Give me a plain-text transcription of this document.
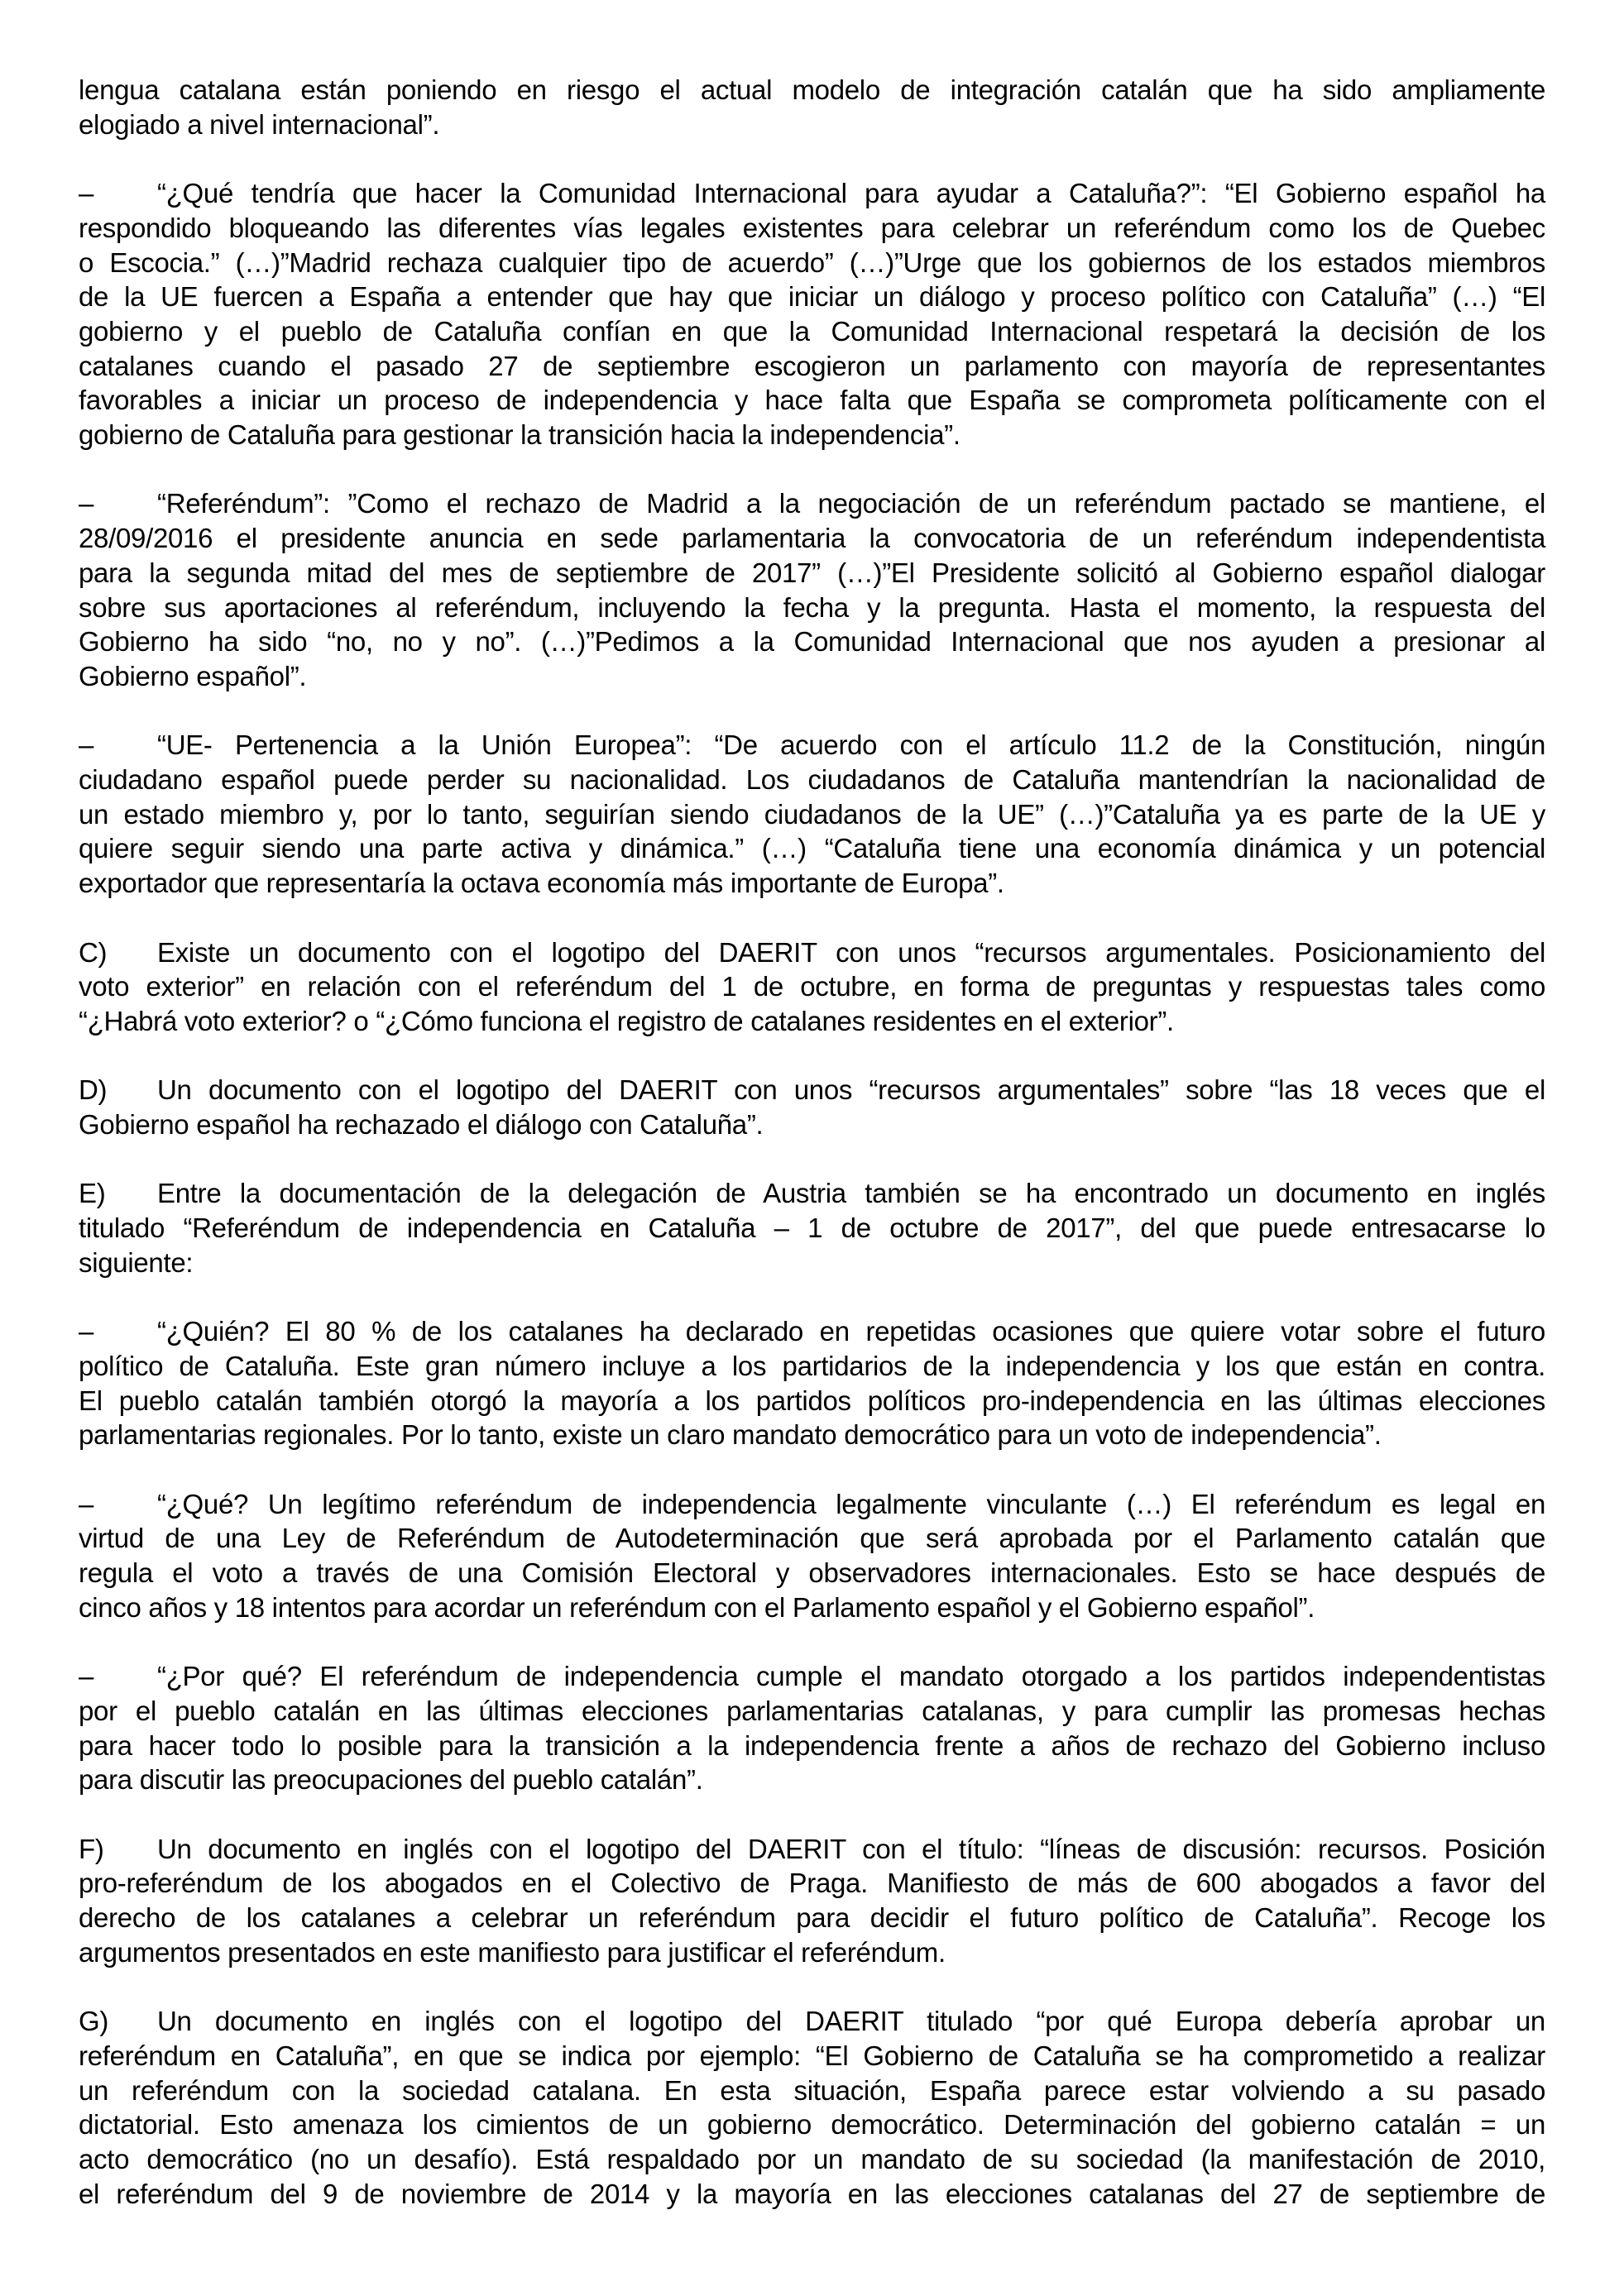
lengua catalana están poniendo en riesgo el actual modelo de integración catalán que ha sido ampliamente
elogiado a nivel internacional”.
– “¿Qué tendría que hacer la Comunidad Internacional para ayudar a Cataluña?”: “El Gobierno español ha
respondido bloqueando las diferentes vías legales existentes para celebrar un referéndum como los de Quebec
o Escocia.” (…)”Madrid rechaza cualquier tipo de acuerdo” (…)”Urge que los gobiernos de los estados miembros
de la UE fuercen a España a entender que hay que iniciar un diálogo y proceso político con Cataluña” (…) “El
gobierno y el pueblo de Cataluña confían en que la Comunidad Internacional respetará la decisión de los
catalanes cuando el pasado 27 de septiembre escogieron un parlamento con mayoría de representantes
favorables a iniciar un proceso de independencia y hace falta que España se comprometa políticamente con el
gobierno de Cataluña para gestionar la transición hacia la independencia”.
– “Referéndum”: ”Como el rechazo de Madrid a la negociación de un referéndum pactado se mantiene, el
28/09/2016 el presidente anuncia en sede parlamentaria la convocatoria de un referéndum independentista
para la segunda mitad del mes de septiembre de 2017” (…)”El Presidente solicitó al Gobierno español dialogar
sobre sus aportaciones al referéndum, incluyendo la fecha y la pregunta. Hasta el momento, la respuesta del
Gobierno ha sido “no, no y no”. (…)”Pedimos a la Comunidad Internacional que nos ayuden a presionar al
Gobierno español”.
– “UE- Pertenencia a la Unión Europea”: “De acuerdo con el artículo 11.2 de la Constitución, ningún
ciudadano español puede perder su nacionalidad. Los ciudadanos de Cataluña mantendrían la nacionalidad de
un estado miembro y, por lo tanto, seguirían siendo ciudadanos de la UE” (…)”Cataluña ya es parte de la UE y
quiere seguir siendo una parte activa y dinámica.” (…) “Cataluña tiene una economía dinámica y un potencial
exportador que representaría la octava economía más importante de Europa”.
C) Existe un documento con el logotipo del DAERIT con unos “recursos argumentales. Posicionamiento del
voto exterior” en relación con el referéndum del 1 de octubre, en forma de preguntas y respuestas tales como
“¿Habrá voto exterior? o “¿Cómo funciona el registro de catalanes residentes en el exterior”.
D) Un documento con el logotipo del DAERIT con unos “recursos argumentales” sobre “las 18 veces que el
Gobierno español ha rechazado el diálogo con Cataluña”.
E) Entre la documentación de la delegación de Austria también se ha encontrado un documento en inglés
titulado “Referéndum de independencia en Cataluña – 1 de octubre de 2017”, del que puede entresacarse lo
siguiente:
– “¿Quién? El 80 % de los catalanes ha declarado en repetidas ocasiones que quiere votar sobre el futuro
político de Cataluña. Este gran número incluye a los partidarios de la independencia y los que están en contra.
El pueblo catalán también otorgó la mayoría a los partidos políticos pro-independencia en las últimas elecciones
parlamentarias regionales. Por lo tanto, existe un claro mandato democrático para un voto de independencia”.
– “¿Qué? Un legítimo referéndum de independencia legalmente vinculante (…) El referéndum es legal en
virtud de una Ley de Referéndum de Autodeterminación que será aprobada por el Parlamento catalán que
regula el voto a través de una Comisión Electoral y observadores internacionales. Esto se hace después de
cinco años y 18 intentos para acordar un referéndum con el Parlamento español y el Gobierno español”.
– “¿Por qué? El referéndum de independencia cumple el mandato otorgado a los partidos independentistas
por el pueblo catalán en las últimas elecciones parlamentarias catalanas, y para cumplir las promesas hechas
para hacer todo lo posible para la transición a la independencia frente a años de rechazo del Gobierno incluso
para discutir las preocupaciones del pueblo catalán”.
F) Un documento en inglés con el logotipo del DAERIT con el título: “líneas de discusión: recursos. Posición
pro-referéndum de los abogados en el Colectivo de Praga. Manifiesto de más de 600 abogados a favor del
derecho de los catalanes a celebrar un referéndum para decidir el futuro político de Cataluña”. Recoge los
argumentos presentados en este manifiesto para justificar el referéndum.
G) Un documento en inglés con el logotipo del DAERIT titulado “por qué Europa debería aprobar un
referéndum en Cataluña”, en que se indica por ejemplo: “El Gobierno de Cataluña se ha comprometido a realizar
un referéndum con la sociedad catalana. En esta situación, España parece estar volviendo a su pasado
dictatorial. Esto amenaza los cimientos de un gobierno democrático. Determinación del gobierno catalán = un
acto democrático (no un desafío). Está respaldado por un mandato de su sociedad (la manifestación de 2010,
el referéndum del 9 de noviembre de 2014 y la mayoría en las elecciones catalanas del 27 de septiembre de
